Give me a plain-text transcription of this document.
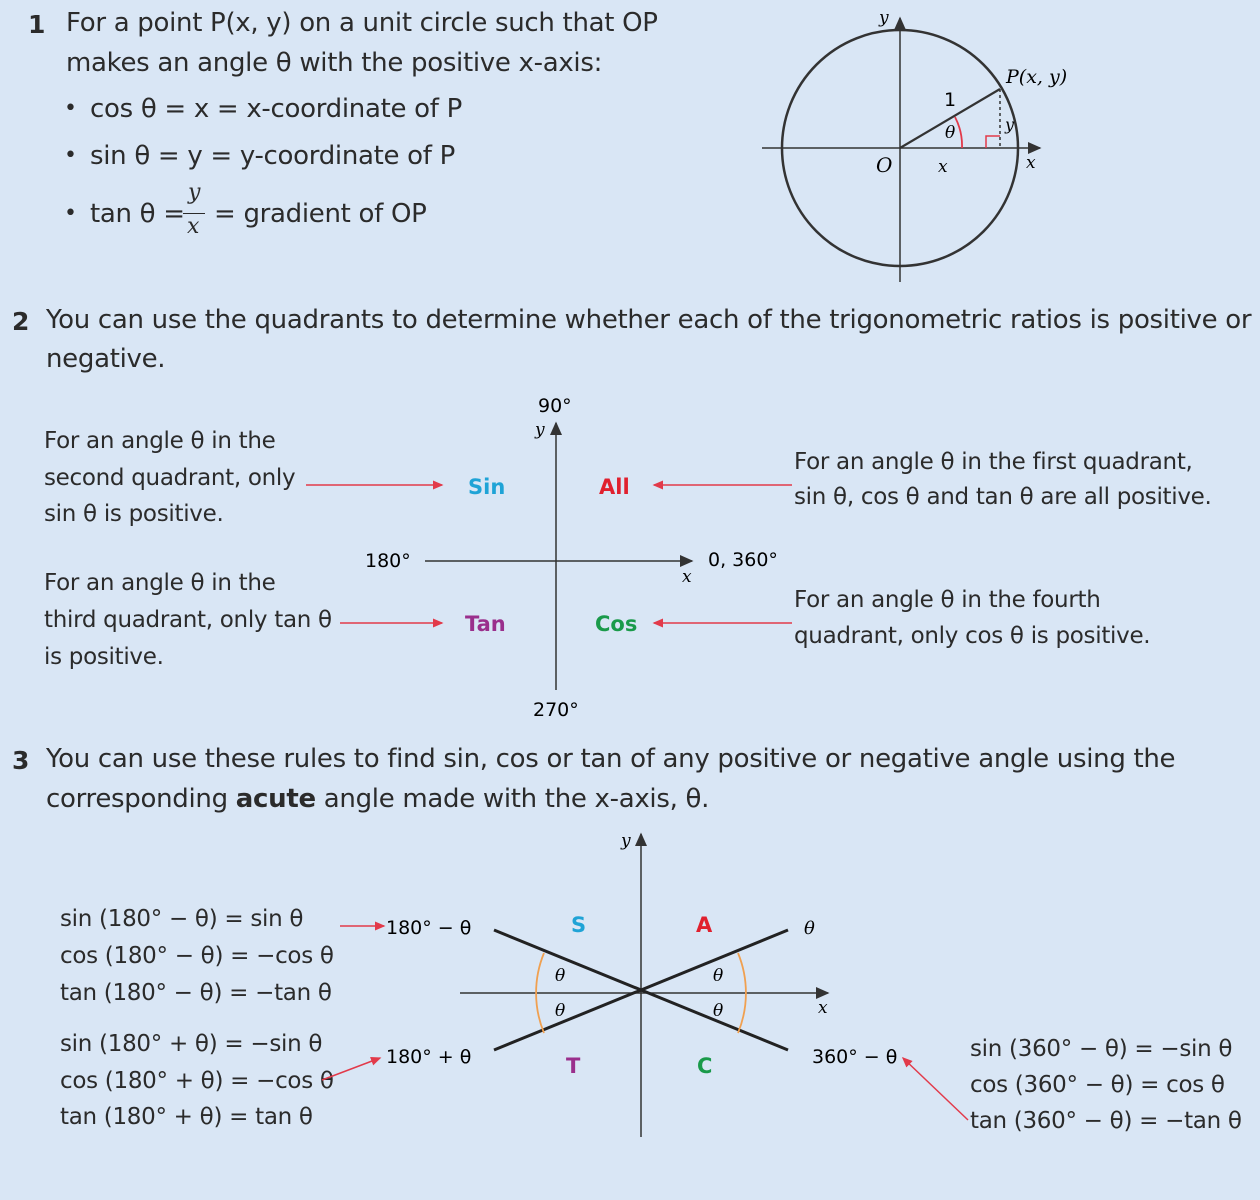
1 For a point P(x, y) on a unit circle such that OP
makes an angle θ with the positive x-axis:
• cos θ = x = x-coordinate of P
• sin θ = y = y-coordinate of P
• tan θ =
y
x = gradient of OP
y
x
O
1
θ
x
y
P(x, y)
2 You can use the quadrants to determine whether each of the trigonometric ratios is positive or
negative.
For an angle θ in the
second quadrant, only
sin θ is positive.
For an angle θ in the
third quadrant, only tan θ
is positive.
For an angle θ in the first quadrant,
sin θ, cos θ and tan θ are all positive.
For an angle θ in the fourth
quadrant, only cos θ is positive.
90°
y
180°
270°
0, 360°
x
Sin	All
Tan	Cos
3 You can use these rules to find sin, cos or tan of any positive or negative angle using the
corresponding acute angle made with the x-axis, θ.
sin (180° − θ) = sin θ
cos (180° − θ) = −cos θ
tan (180° − θ) = −tan θ
sin (180° + θ) = −sin θ
cos (180° + θ) = −cos θ
tan (180° + θ) = tan θ
sin (360° − θ) = −sin θ
cos (360° − θ) = cos θ
tan (360° − θ) = −tan θ
180° − θ
180° + θ	360° − θ
θ
θ
θ
θ
θ
y
x
S	A
T	C
